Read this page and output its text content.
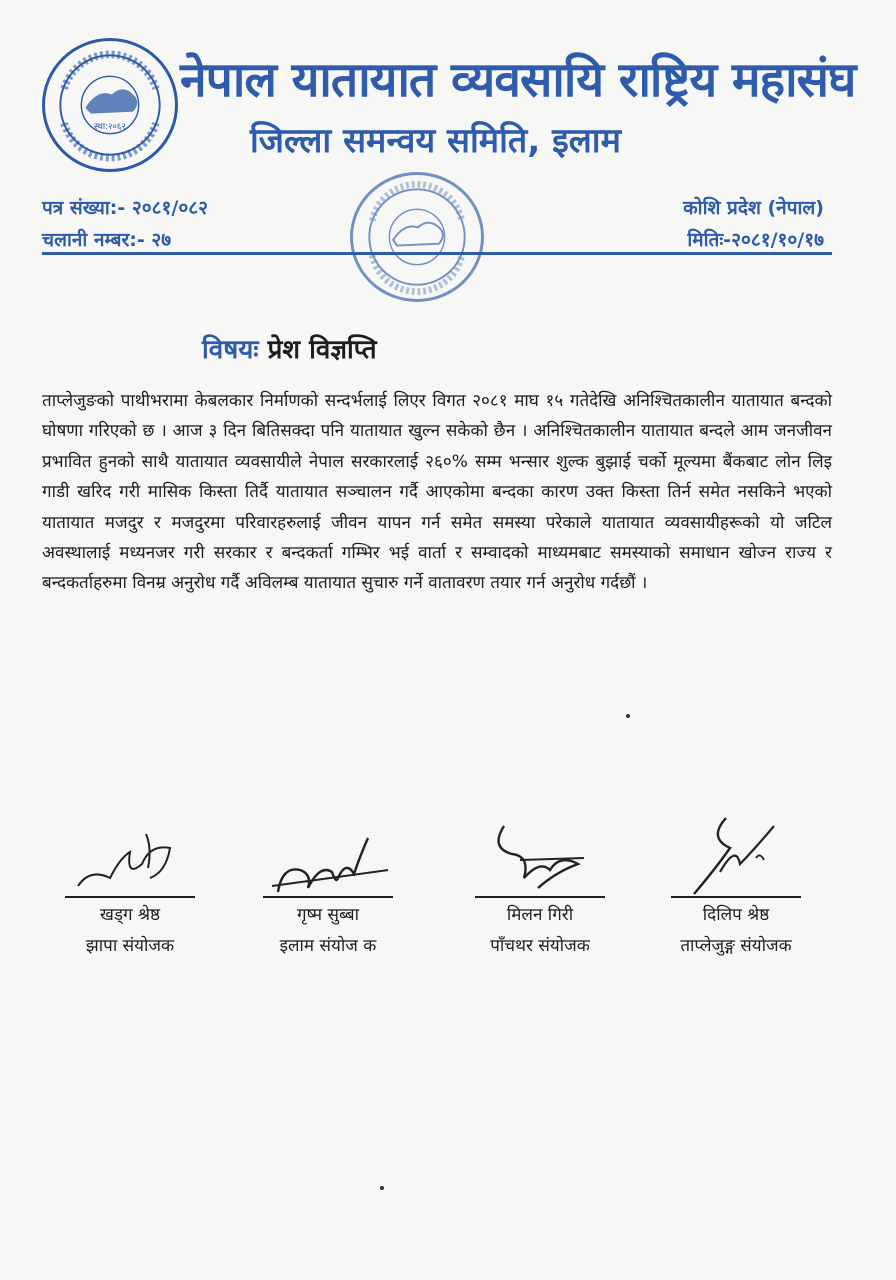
स्था:२०६२
नेपाल यातायात व्यवसायि राष्ट्रिय महासंघ
जिल्ला समन्वय समिति, इलाम
पत्र संख्या:- २०८१/०८२
चलानी नम्बर:- २७
कोशि प्रदेश (नेपाल)
मितिः-२०८१/१०/१७
विषयः प्रेश विज्ञप्ति
ताप्लेजुङको पाथीभरामा केबलकार निर्माणको सन्दर्भलाई लिएर विगत २०८१ माघ १५ गतेदेखि अनिश्चितकालीन यातायात बन्दको घोषणा गरिएको छ । आज ३ दिन बितिसक्दा पनि यातायात खुल्न सकेको छैन । अनिश्चितकालीन यातायात बन्दले आम जनजीवन प्रभावित हुनको साथै यातायात व्यवसायीले नेपाल सरकारलाई २६०% सम्म भन्सार शुल्क बुझाई चर्को मूल्यमा बैंकबाट लोन लिइ गाडी खरिद गरी मासिक किस्ता तिर्दै यातायात सञ्चालन गर्दै आएकोमा बन्दका कारण उक्त किस्ता तिर्न समेत नसकिने भएको यातायात मजदुर र मजदुरमा परिवारहरुलाई जीवन यापन गर्न समेत समस्या परेकाले यातायात व्यवसायीहरूको यो जटिल अवस्थालाई मध्यनजर गरी सरकार र बन्दकर्ता गम्भिर भई वार्ता र सम्वादको माध्यमबाट समस्याको समाधान खोज्न राज्य र बन्दकर्ताहरुमा विनम्र अनुरोध गर्दै अविलम्ब यातायात सुचारु गर्ने वातावरण तयार गर्न अनुरोध गर्दछौं ।
खड्ग श्रेष्ठ
झापा संयोजक
गृष्म सुब्बा
इलाम संयोज क
मिलन गिरी
पाँचथर संयोजक
दिलिप श्रेष्ठ
ताप्लेजुङ्ग संयोजक
